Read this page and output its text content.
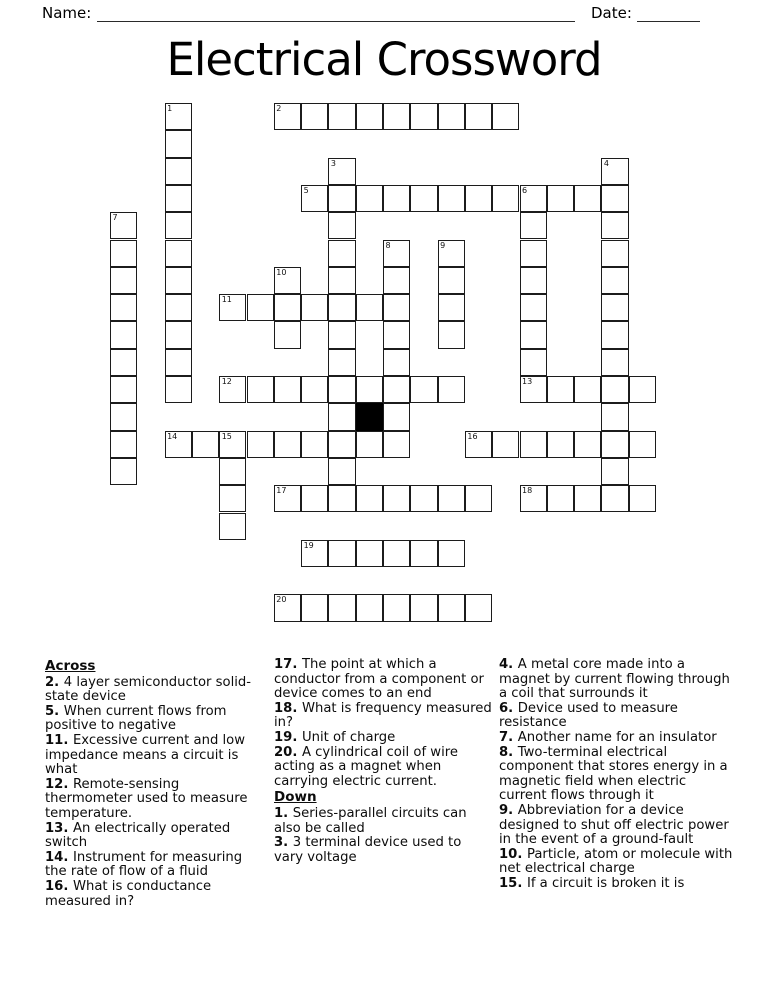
Name:	Date:
Electrical Crossword
1	2
3	4
5	6
13
7
8	9
10
11
12
14	15	16
17	18
19
20
Across
2. 4 layer semiconductor solid-state device
5. When current flows from positive to negative
11. Excessive current and low impedance means a circuit is what
12. Remote-sensing thermometer used to measure temperature.
13. An electrically operated switch
14. Instrument for measuring the rate of flow of a fluid
16. What is conductance measured in?
17. The point at which a conductor from a component or device comes to an end
18. What is frequency measured in?
19. Unit of charge
20. A cylindrical coil of wire acting as a magnet when carrying electric current.
Down
1. Series-parallel circuits can also be called
3. 3 terminal device used to vary voltage
4. A metal core made into a magnet by current flowing through a coil that surrounds it
6. Device used to measure resistance
7. Another name for an insulator
8. Two-terminal electrical component that stores energy in a magnetic field when electric current flows through it
9. Abbreviation for a device designed to shut off electric power in the event of a ground-fault
10. Particle, atom or molecule with net electrical charge
15. If a circuit is broken it is
